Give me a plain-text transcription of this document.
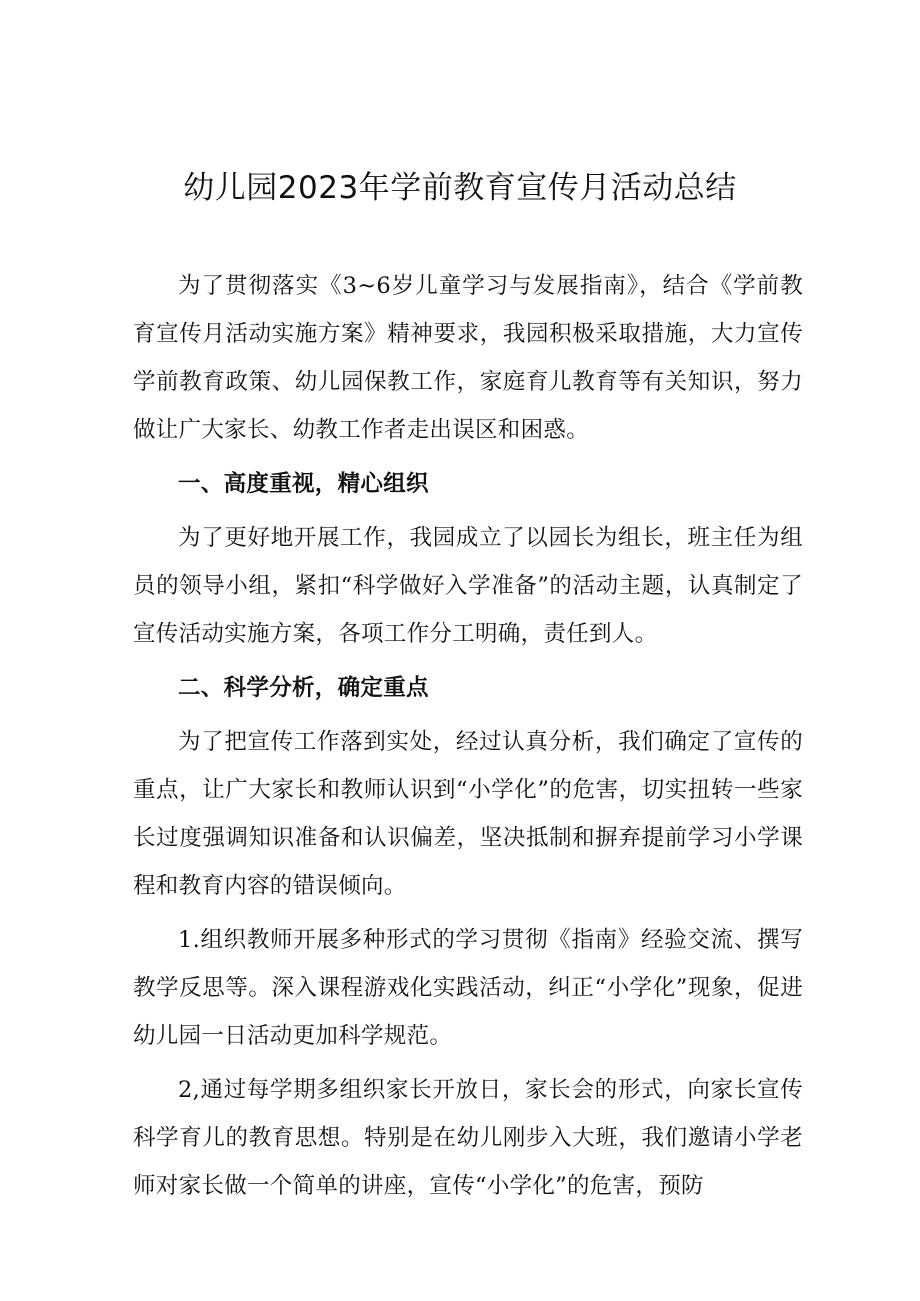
幼儿园2023年学前教育宣传月活动总结

为了贯彻落实《3~6岁儿童学习与发展指南》，结合《学前教育宣传月活动实施方案》精神要求，我园积极采取措施，大力宣传学前教育政策、幼儿园保教工作，家庭育儿教育等有关知识，努力做让广大家长、幼教工作者走出误区和困惑。

一、高度重视，精心组织

为了更好地开展工作，我园成立了以园长为组长，班主任为组员的领导小组，紧扣“科学做好入学准备”的活动主题，认真制定了宣传活动实施方案，各项工作分工明确，责任到人。

二、科学分析，确定重点

为了把宣传工作落到实处，经过认真分析，我们确定了宣传的重点，让广大家长和教师认识到“小学化”的危害，切实扭转一些家长过度强调知识准备和认识偏差，坚决抵制和摒弃提前学习小学课程和教育内容的错误倾向。

1.组织教师开展多种形式的学习贯彻《指南》经验交流、撰写教学反思等。深入课程游戏化实践活动，纠正“小学化”现象，促进幼儿园一日活动更加科学规范。

2,通过每学期多组织家长开放日，家长会的形式，向家长宣传科学育儿的教育思想。特别是在幼儿刚步入大班，我们邀请小学老师对家长做一个简单的讲座，宣传“小学化”的危害，预防
